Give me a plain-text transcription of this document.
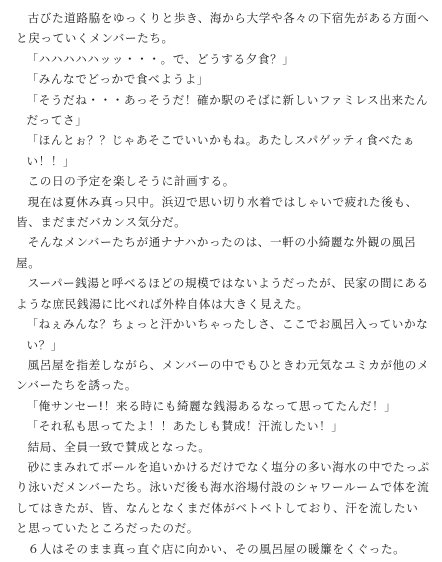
古びた道路脇をゆっくりと歩き、海から大学や各々の下宿先がある方面へと戻っていくメンバーたち。

「ハハハハハッッ・・・。で、どうする夕食？」

「みんなでどっかで食べようよ」

「そうだね・・・あっそうだ！確か駅のそばに新しいファミレス出来たんだってさ」

「ほんとぉ？？じゃあそこでいいかもね。あたしスパゲッティ食べたぁい！！」

この日の予定を楽しそうに計画する。

現在は夏休み真っ只中。浜辺で思い切り水着ではしゃいで疲れた後も、皆、まだまだバカンス気分だ。

そんなメンバーたちが通ナナハかったのは、一軒の小綺麗な外観の風呂屋。

スーパー銭湯と呼べるほどの規模ではないようだったが、民家の間にあるような庶民銭湯に比べれば外枠自体は大きく見えた。

「ねぇみんな？ちょっと汗かいちゃったしさ、ここでお風呂入っていかない？」

風呂屋を指差しながら、メンバーの中でもひときわ元気なユミカが他のメンバーたちを誘った。

「俺サンセー!！来る時にも綺麗な銭湯あるなって思ってたんだ！」

「それ私も思ってたよ！！あたしも賛成！汗流したい！」

結局、全員一致で賛成となった。

砂にまみれてボールを追いかけるだけでなく塩分の多い海水の中でたっぷり泳いだメンバーたち。泳いだ後も海水浴場付設のシャワールームで体を流してはきたが、皆、なんとなくまだ体がベトベトしており、汗を流したいと思っていたところだったのだ。

６人はそのまま真っ直ぐ店に向かい、その風呂屋の暖簾をくぐった。
